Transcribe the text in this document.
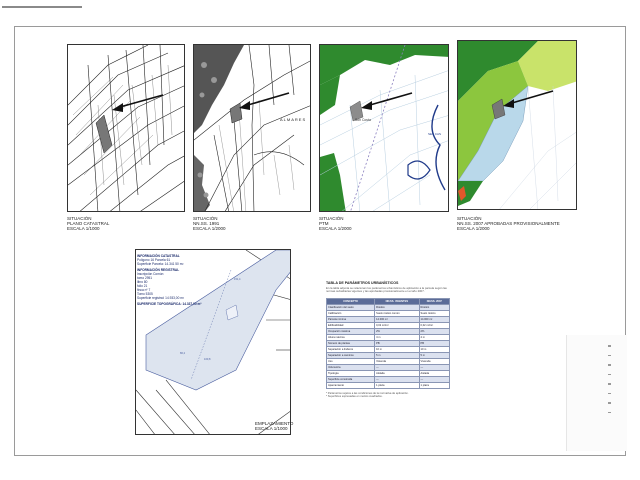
ALMARES	Son Costa
SES CAS
SITUACIÓN
PLANO CATASTRAL
ESCALA 1/1000
SITUACIÓN
NN.SS. 1991
ESCALA 1/2000
SITUACIÓN
PTM
ESCALA 1/2000
SITUACIÓN
NN.SS. 2007 APROBADAS PROVISIONALMENTE
ESCALA 1/2000
151,4
160,8
86,2
INFORMACIÓN CATASTRAL
Polígono 16 Parcela 61
Superficie Parcela: 14.341 50 m²
INFORMACIÓN REGISTRAL
Inscripción Común
tomo 2951
libro 80
folio 21
finca nº 7
Tomo 5305
Superficie registral: 14.933,00 m²
SUPERFICIE TOPOGRÁFICA: 14.337,00 m²
EMPLAZAMIENTO
ESCALA 1/1000
TABLA DE PARÁMETROS URBANÍSTICOS
En la tabla adjunta se relacionan los parámetros urbanísticos de aplicación a la parcela según las normas subsidiarias vigentes y las aprobadas provisionalmente en el año 2007.
CONCEPTO	NN.SS. VIGENTES	NN.SS. 2007
Clasificación del suelo	Rústico	Rústico
Calificación	Suelo rústico común	Suelo rústico
Parcela mínima	14.000 m²	14.000 m²
Edificabilidad	0,02 m²/m²	0,02 m²/m²
Ocupación máxima	2%	2%
Altura máxima	4 m	4 m
Número de plantas	PB	PB
Separación a linderos	10 m	10 m
Separación a caminos	5 m	5 m
Uso	Vivienda	Vivienda
Volumetría	—	—
Tipología	Aislada	Aislada
Superficie construida	—	—
Aparcamiento	1 plaza	1 plaza
* Parámetros sujetos a las condiciones de la normativa de aplicación.
* Superficies expresadas en metros cuadrados.
